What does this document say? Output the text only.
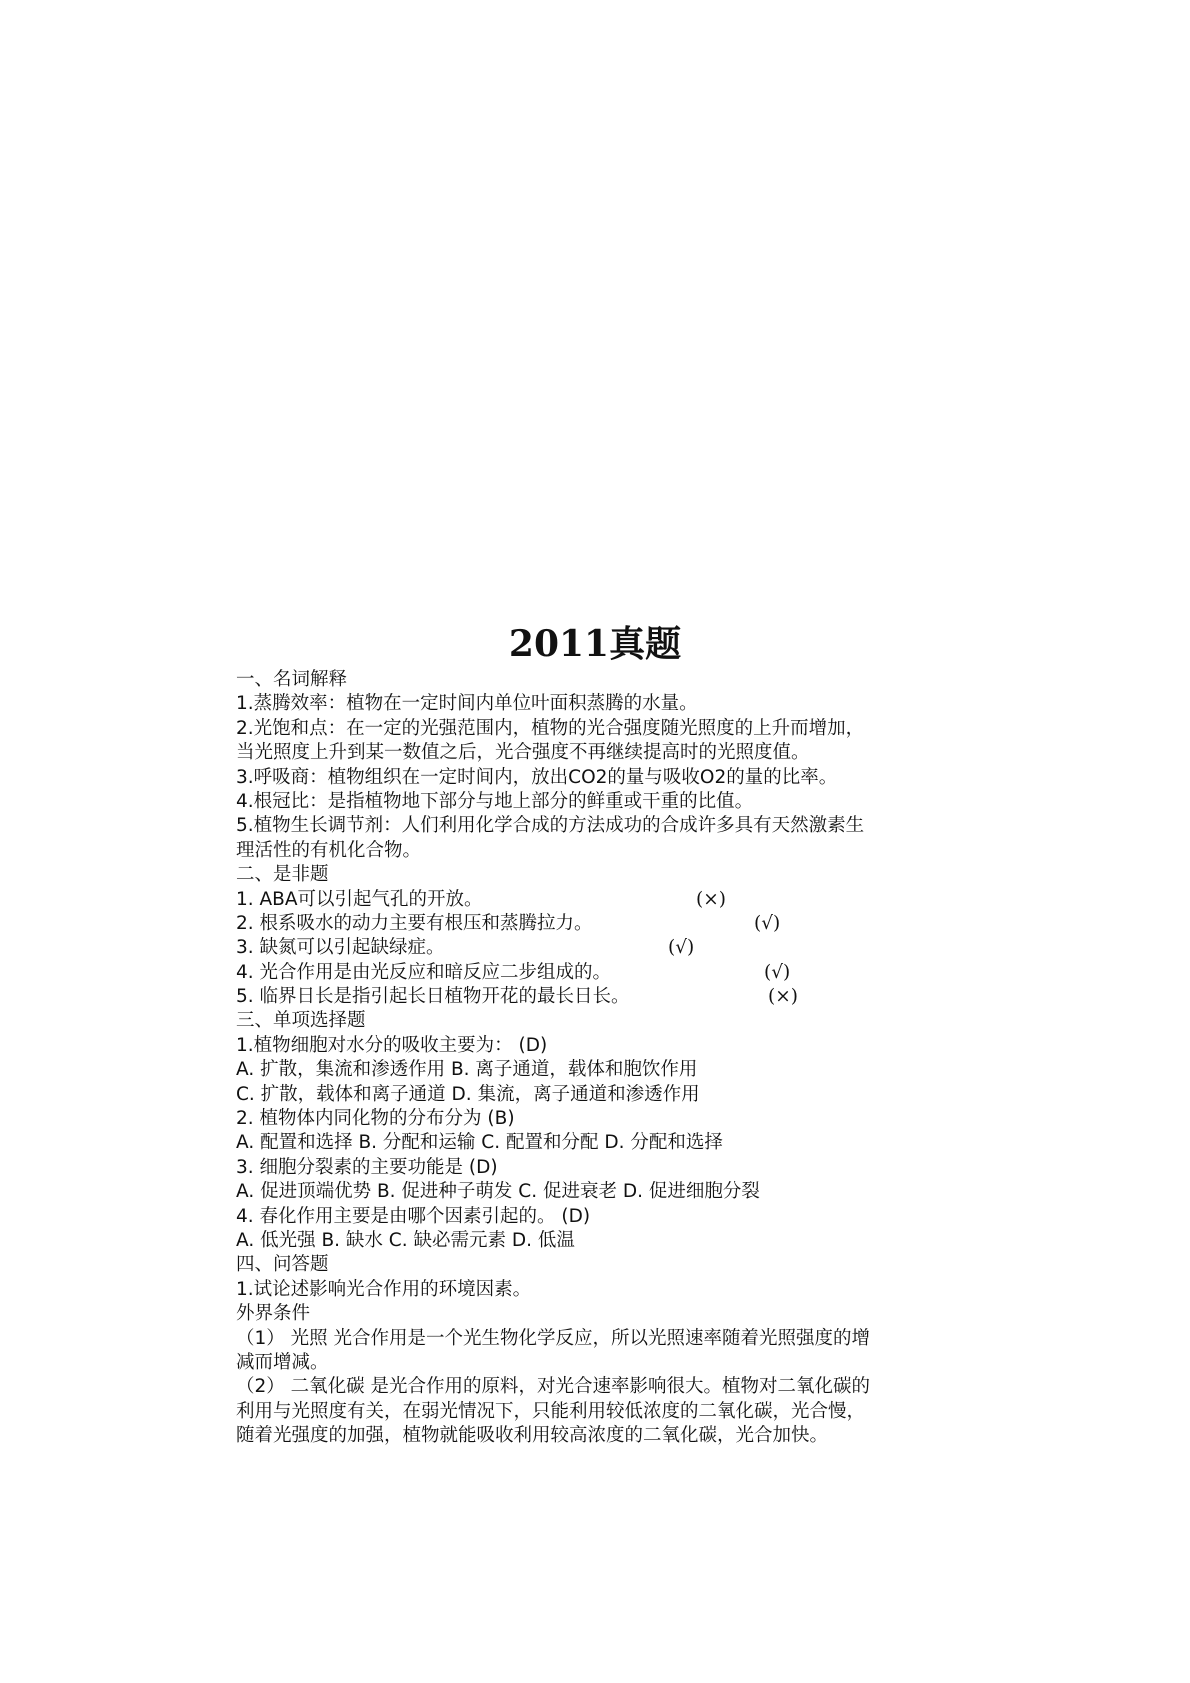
2011真题
一、名词解释
1.蒸腾效率：植物在一定时间内单位叶面积蒸腾的水量。
2.光饱和点：在一定的光强范围内，植物的光合强度随光照度的上升而增加，
当光照度上升到某一数值之后，光合强度不再继续提高时的光照度值。
3.呼吸商：植物组织在一定时间内，放出CO2的量与吸收O2的量的比率。
4.根冠比：是指植物地下部分与地上部分的鲜重或干重的比值。
5.植物生长调节剂：人们利用化学合成的方法成功的合成许多具有天然激素生
理活性的有机化合物。
二、是非题
1. ABA可以引起气孔的开放。	(×)
2. 根系吸水的动力主要有根压和蒸腾拉力。	(√)
3. 缺氮可以引起缺绿症。	(√)
4. 光合作用是由光反应和暗反应二步组成的。	(√)
5. 临界日长是指引起长日植物开花的最长日长。	(×)
三、单项选择题
1.植物细胞对水分的吸收主要为： (D)
A. 扩散，集流和渗透作用 B. 离子通道，载体和胞饮作用
C. 扩散，载体和离子通道 D. 集流，离子通道和渗透作用
2. 植物体内同化物的分布分为 (B)
A. 配置和选择 B. 分配和运输 C. 配置和分配 D. 分配和选择
3. 细胞分裂素的主要功能是 (D)
A. 促进顶端优势 B. 促进种子萌发 C. 促进衰老 D. 促进细胞分裂
4. 春化作用主要是由哪个因素引起的。 (D)
A. 低光强 B. 缺水 C. 缺必需元素 D. 低温
四、问答题
1.试论述影响光合作用的环境因素。
外界条件
（1） 光照 光合作用是一个光生物化学反应，所以光照速率随着光照强度的增
减而增减。
（2） 二氧化碳 是光合作用的原料，对光合速率影响很大。植物对二氧化碳的
利用与光照度有关，在弱光情况下，只能利用较低浓度的二氧化碳，光合慢，
随着光强度的加强，植物就能吸收利用较高浓度的二氧化碳，光合加快。
